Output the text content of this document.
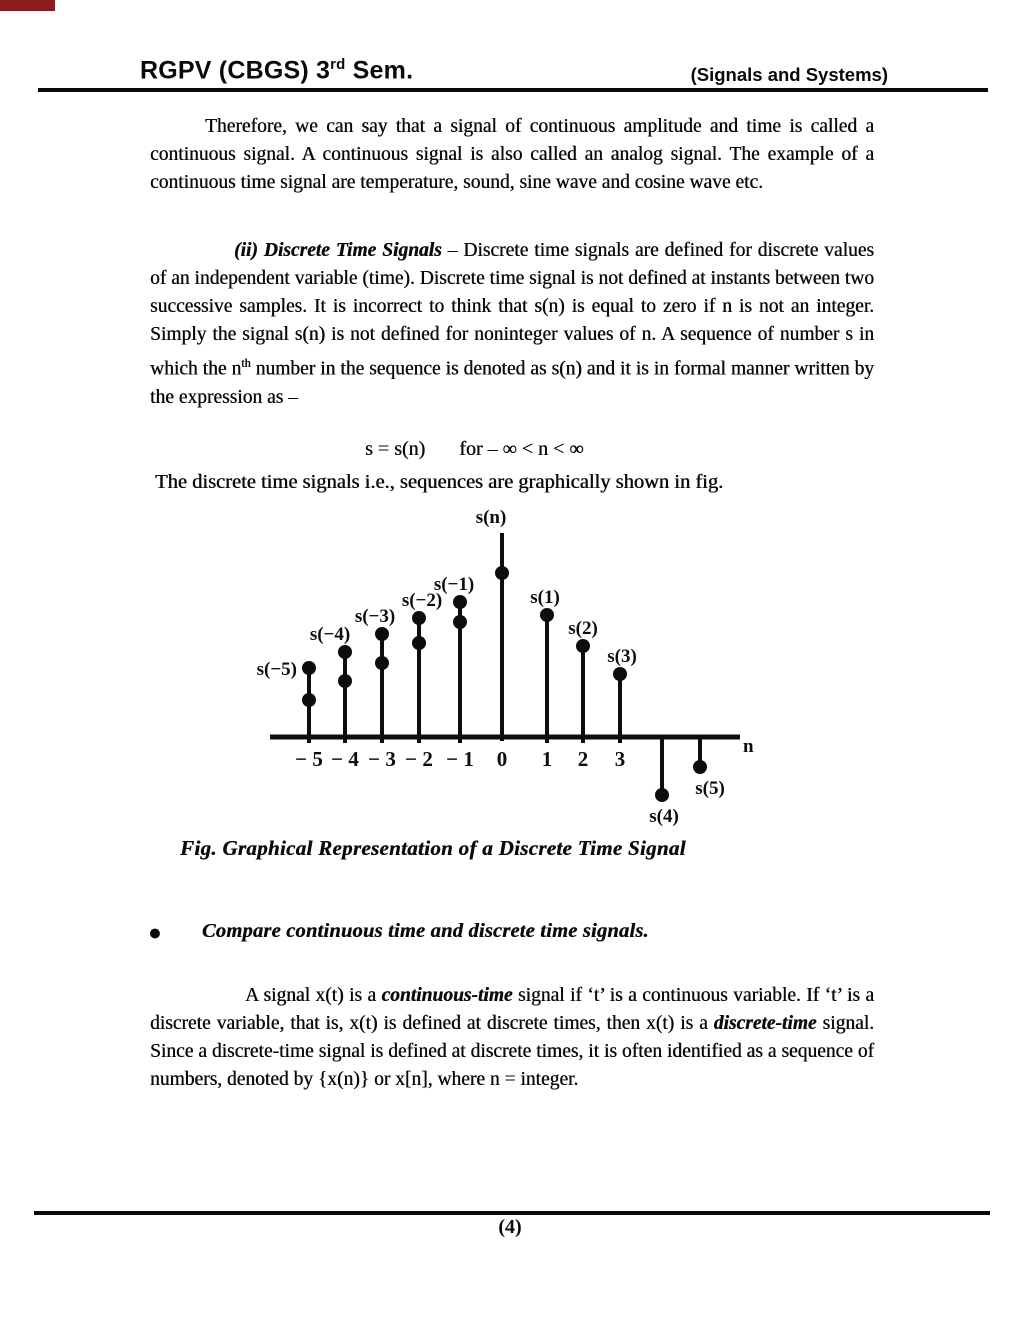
RGPV (CBGS) 3rd Sem.	(Signals and Systems)

Therefore, we can say that a signal of continuous amplitude and time is called a continuous signal. A continuous signal is also called an analog signal. The example of a continuous time signal are temperature, sound, sine wave and cosine wave etc.

(ii) Discrete Time Signals – Discrete time signals are defined for discrete values of an independent variable (time). Discrete time signal is not defined at instants between two successive samples. It is incorrect to think that s(n) is equal to zero if n is not an integer. Simply the signal s(n) is not defined for noninteger values of n. A sequence of number s in which the $n^{th}$ number in the sequence is denoted as s(n) and it is in formal manner written by the expression as –

s = s(n) for – ∞ < n < ∞

The discrete time signals i.e., sequences are graphically shown in fig.

s(−5)
s(−4)
s(−3)
s(−2)
s(−1)
s(n)
s(1)
s(2)
s(3)
s(4)
s(5)
− 5 − 4 − 3 − 2 − 1 0 1 2 3
n
Fig. Graphical Representation of a Discrete Time Signal
● Compare continuous time and discrete time signals.

A signal x(t) is a continuous-time signal if ‘t’ is a continuous variable. If ‘t’ is a discrete variable, that is, x(t) is defined at discrete times, then x(t) is a discrete-time signal. Since a discrete-time signal is defined at discrete times, it is often identified as a sequence of numbers, denoted by {x(n)} or x[n], where n = integer.

(4)
